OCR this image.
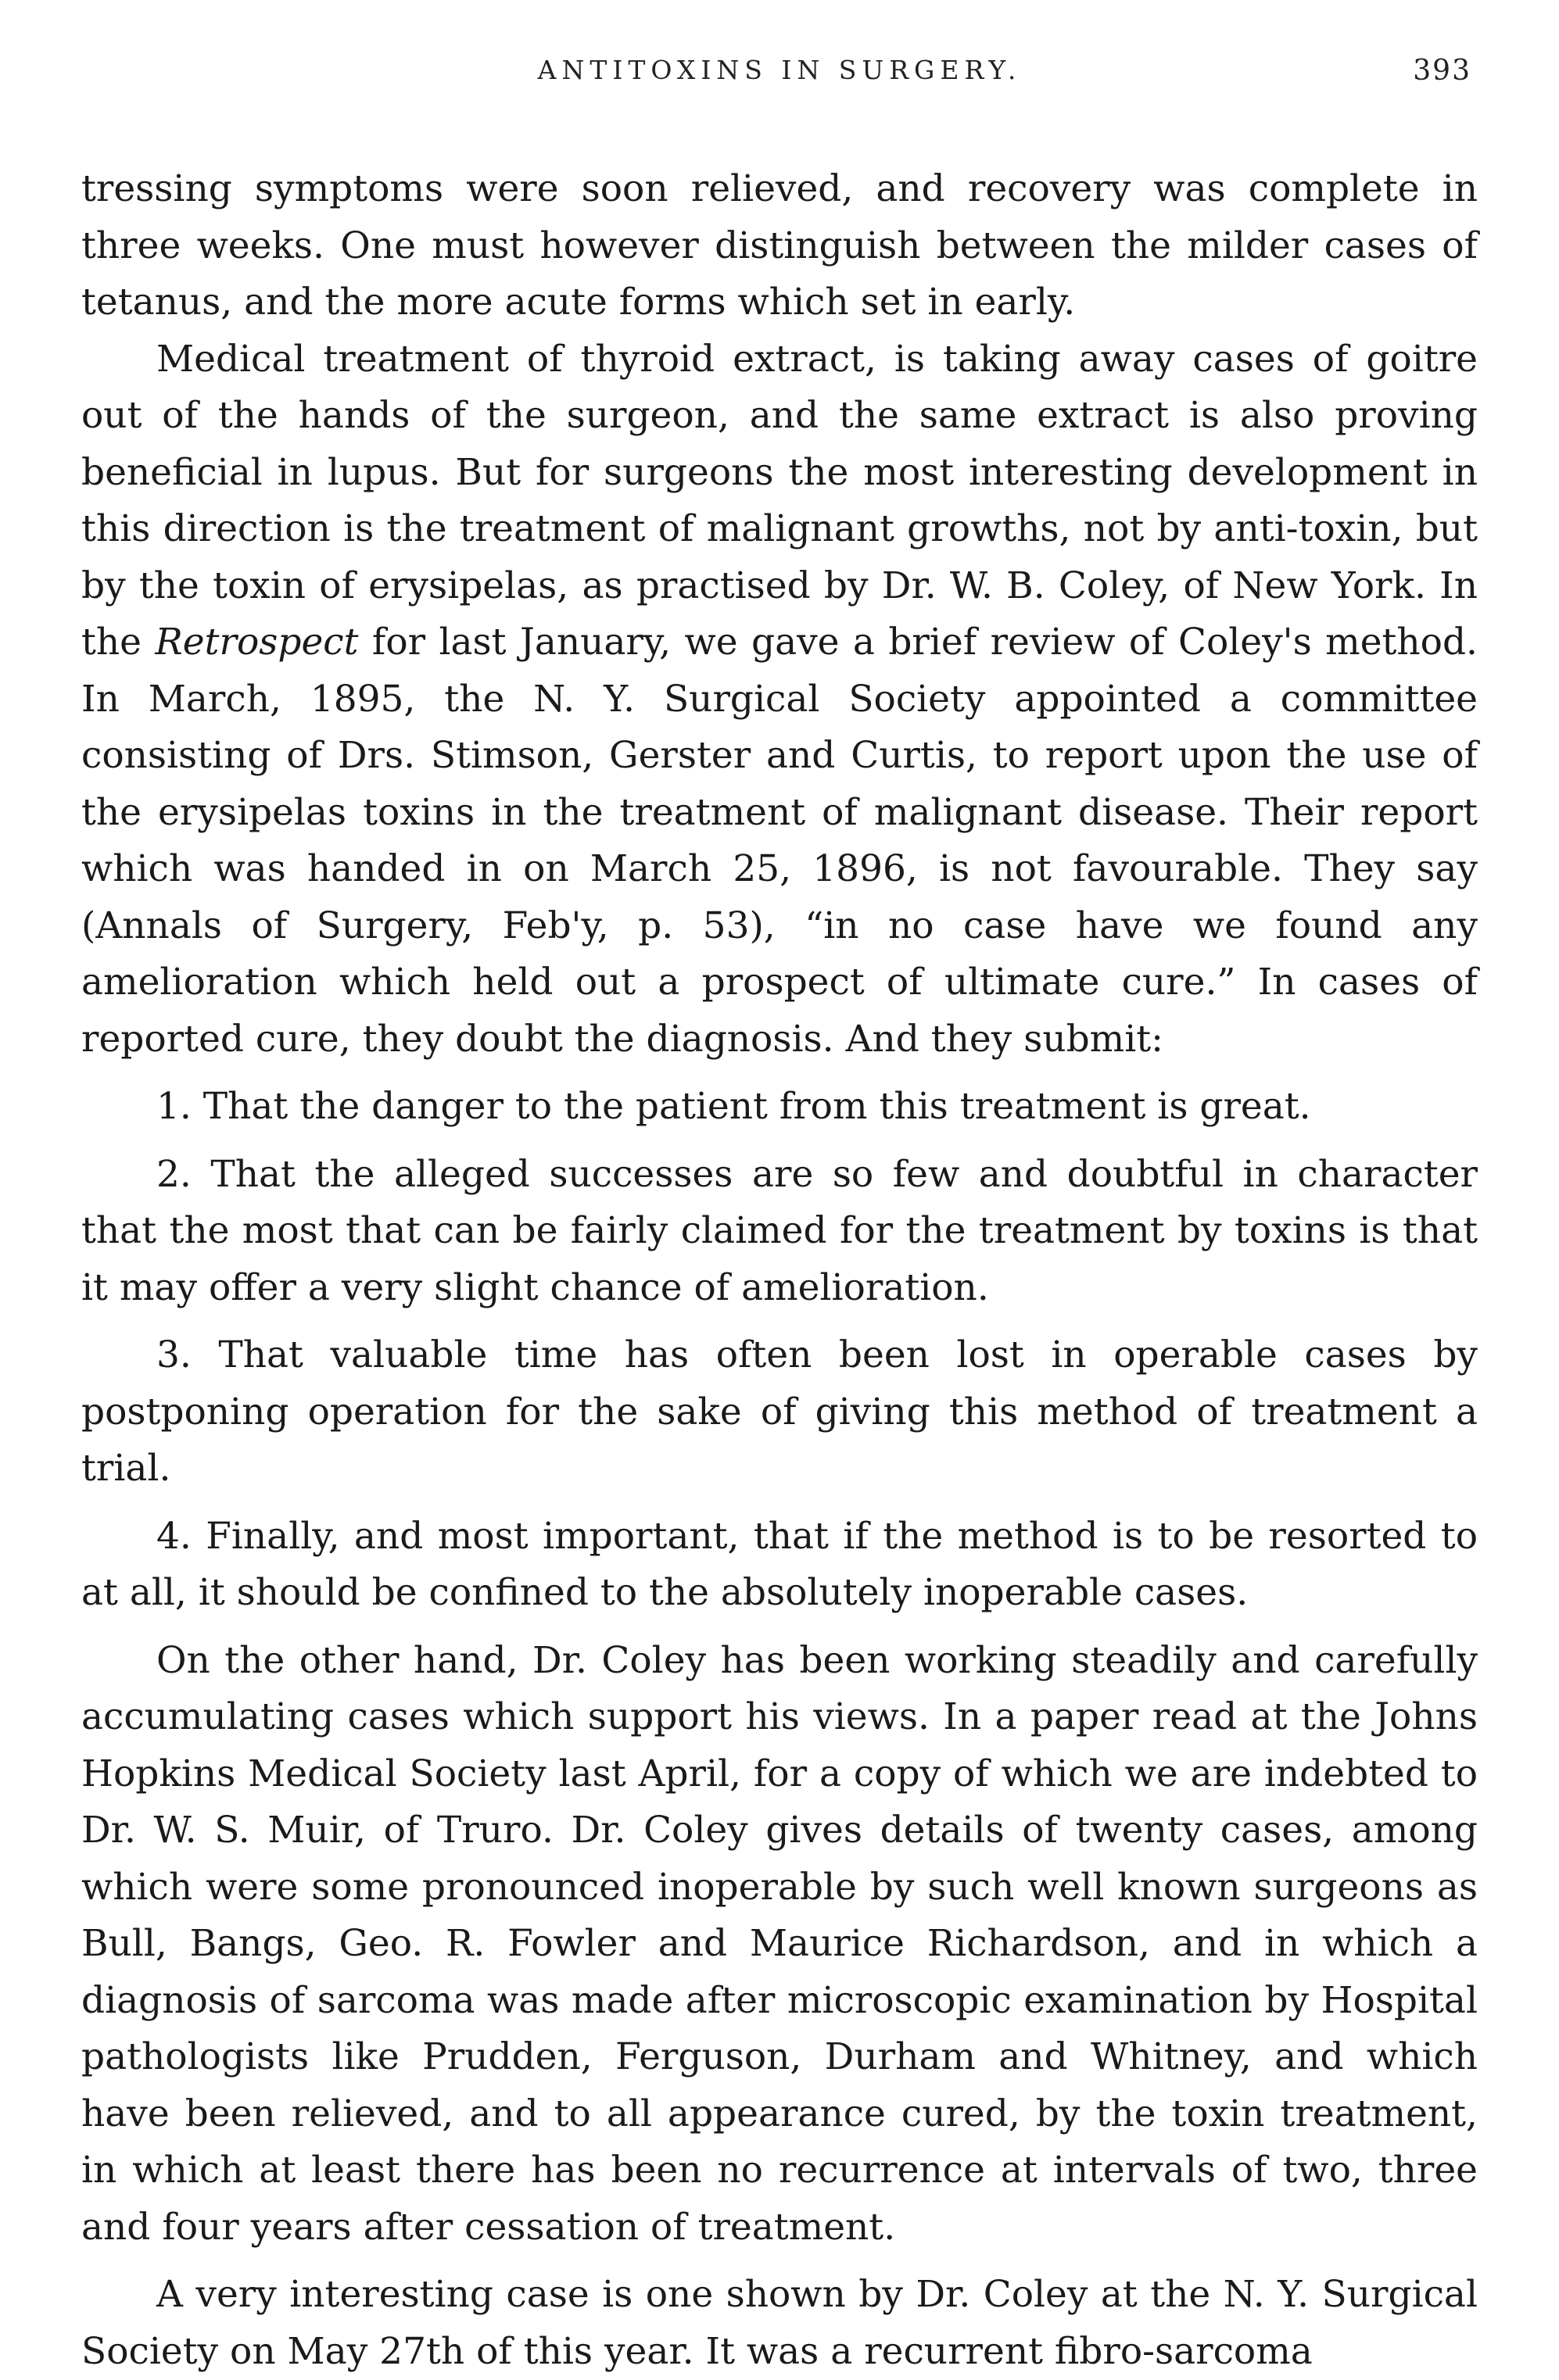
ANTITOXINS IN SURGERY.	393

tressing symptoms were soon relieved, and recovery was complete in three weeks. One must however distinguish between the milder cases of tetanus, and the more acute forms which set in early.

Medical treatment of thyroid extract, is taking away cases of goitre out of the hands of the surgeon, and the same extract is also proving beneficial in lupus. But for surgeons the most interesting development in this direction is the treatment of malignant growths, not by anti-toxin, but by the toxin of erysipelas, as practised by Dr. W. B. Coley, of New York. In the Retrospect for last January, we gave a brief review of Coley's method. In March, 1895, the N. Y. Surgical Society appointed a committee consisting of Drs. Stimson, Gerster and Curtis, to report upon the use of the erysipelas toxins in the treatment of malignant disease. Their report which was handed in on March 25, 1896, is not favourable. They say (Annals of Surgery, Feb'y, p. 53), “in no case have we found any amelioration which held out a prospect of ultimate cure.” In cases of reported cure, they doubt the diagnosis. And they submit:

1. That the danger to the patient from this treatment is great.

2. That the alleged successes are so few and doubtful in character that the most that can be fairly claimed for the treatment by toxins is that it may offer a very slight chance of amelioration.

3. That valuable time has often been lost in operable cases by postponing operation for the sake of giving this method of treatment a trial.

4. Finally, and most important, that if the method is to be resorted to at all, it should be confined to the absolutely inoperable cases.

On the other hand, Dr. Coley has been working steadily and carefully accumulating cases which support his views. In a paper read at the Johns Hopkins Medical Society last April, for a copy of which we are indebted to Dr. W. S. Muir, of Truro. Dr. Coley gives details of twenty cases, among which were some pronounced inoperable by such well known surgeons as Bull, Bangs, Geo. R. Fowler and Maurice Richardson, and in which a diagnosis of sarcoma was made after microscopic examination by Hospital pathologists like Prudden, Ferguson, Durham and Whitney, and which have been relieved, and to all appearance cured, by the toxin treatment, in which at least there has been no recurrence at intervals of two, three and four years after cessation of treatment.

A very interesting case is one shown by Dr. Coley at the N. Y. Surgical Society on May 27th of this year. It was a recurrent fibro-sarcoma
